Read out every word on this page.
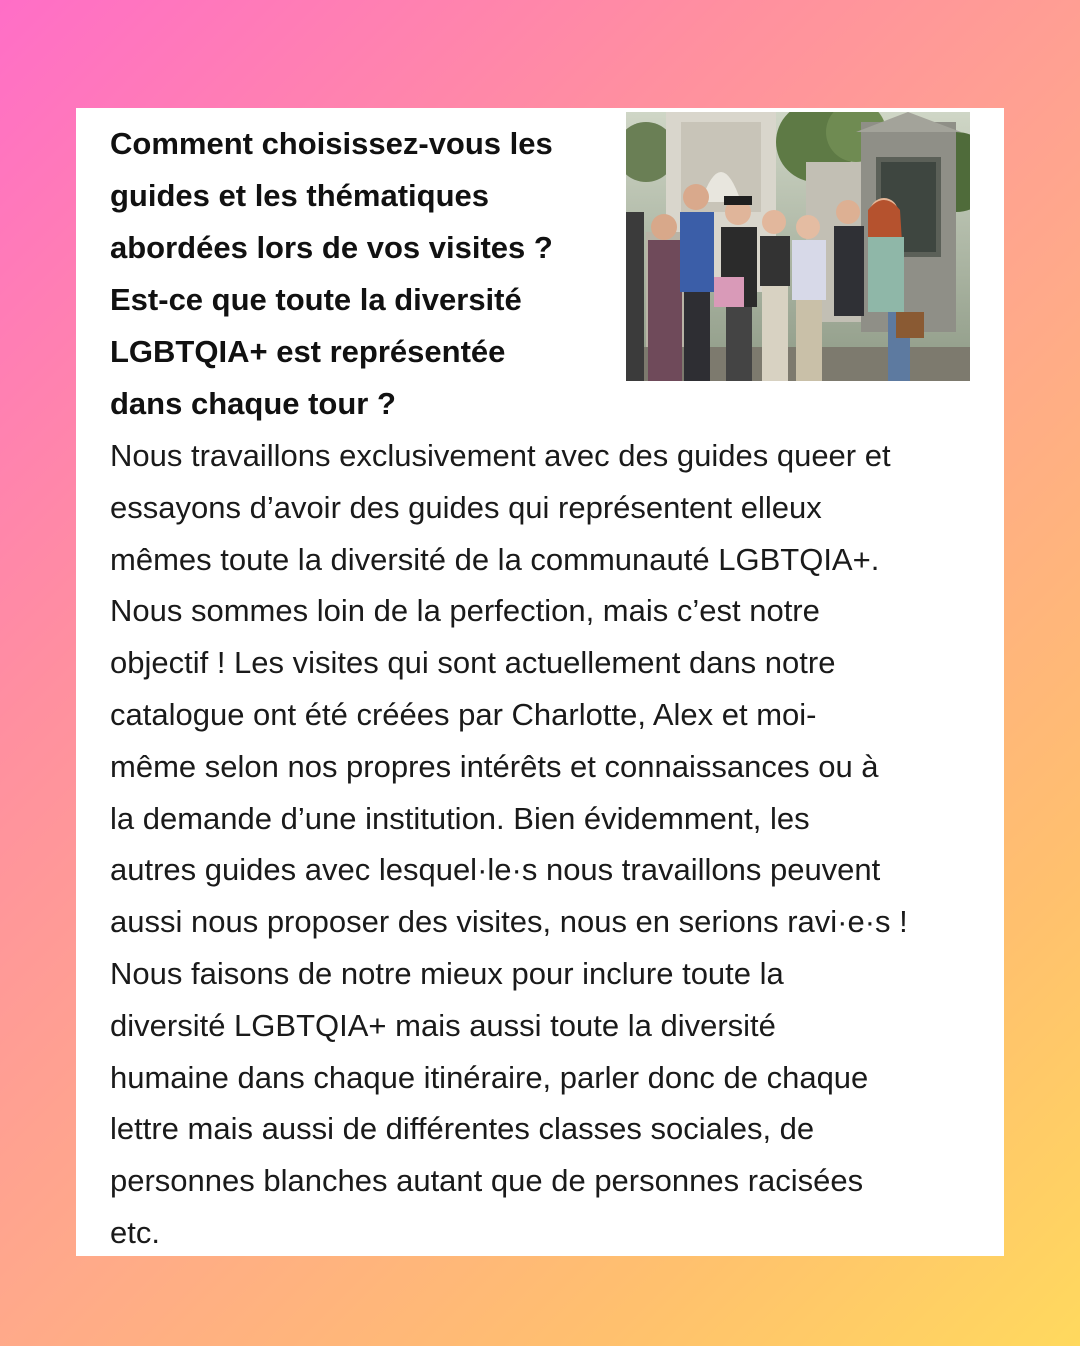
Comment choisissez-vous les
guides et les thématiques
abordées lors de vos visites ?
Est-ce que toute la diversité
LGBTQIA+ est représentée
dans chaque tour ?

Nous travaillons exclusivement avec des guides queer et
essayons d’avoir des guides qui représentent elleux
mêmes toute la diversité de la communauté LGBTQIA+.
Nous sommes loin de la perfection, mais c’est notre
objectif ! Les visites qui sont actuellement dans notre
catalogue ont été créées par Charlotte, Alex et moi-
même selon nos propres intérêts et connaissances ou à
la demande d’une institution. Bien évidemment, les
autres guides avec lesquel·le·s nous travaillons peuvent
aussi nous proposer des visites, nous en serions ravi·e·s !
Nous faisons de notre mieux pour inclure toute la
diversité LGBTQIA+ mais aussi toute la diversité
humaine dans chaque itinéraire, parler donc de chaque
lettre mais aussi de différentes classes sociales, de
personnes blanches autant que de personnes racisées
etc.
